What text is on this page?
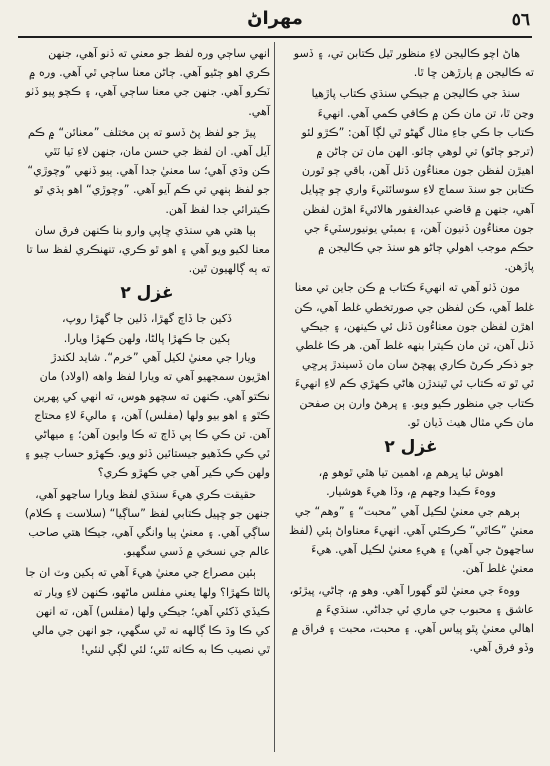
٥٦
مهراڻ

هاڻ اچو ڪاليجن لاءِ منظور ٿيل ڪتابن تي، ۽ ڏسو ته ڪاليجن ۾ ٻارڙهن ڇا ٿا.

سنڌ جي ڪاليجن ۾ جيڪي سنڌي ڪتاب پاڙهيا وڃن ٿا، تن مان ڪن ۾ ڪافي ڪمي آهي. انهيءَ ڪتاب جا ڪي جاءِ مثال گهڻو ٿي لڳا آهن: ”ڪڙو لئو (ترجو ڄاڻو) تي لوهي ڄائو. الهن مان تن ڄاڻن ۾ اهيڙن لفظن جون معناءُون ڏنل آهن، باقي ڄو ٿورن ڪتابن جو سنڌ سماڄ لاءِ سوسائٽيءَ واري ڄو ڇپايل آهي، جنهن ۾ قاضي عبدالغفور هالائيءَ اهڙن لفظن جون معناءُون ڏنيون آهن، ۽ بمبئي يونيورسٽيءَ جي حڪم موجب اهولي ڄاڻو هو سنڌ جي ڪاليجن ۾ پاڙهن.

مون ڏٺو آهي ته انهيءَ ڪتاب ۾ ڪن جاين تي معنا غلط آهي، ڪن لفظن جي صورتخطي غلط آهي، ڪن اهڙن لفظن جون معناءُون ڏنل ئي ڪينهن، ۽ جيڪي ڏنل آهن، تن مان ڪيترا بنهه غلط آهن. هر ڪا غلطي جو ذڪر ڪرڻ ڪاري پهچڻ سان مان ڏسيندڙ پرڇي ئي ٿو ته ڪتاب ئي ٿيندڙن هاڻي ڪهڙي ڪم لاءِ انهيءَ ڪتاب جي منظور ڪيو ويو. ۽ پرهڻ وارن ٻن صفحن مان ڪي مثال هيٺ ڏيان ٿو.

غزل ٢

اهوش ئيا ڀرهم ۾، اهمين تيا هٿي ٿوهو ۾،

ووهءَ ڪيدا وڃهم ۾، وڏا هيءَ هوشيار.

ٻرهم جي معنيٰ لڪيل آهي ”محبت“ ۽ ”وهم“ جي معنيٰ ”ڪاٿي“ ڪرڪٿي آهي. انهيءَ معناواڻ ٻئي (لفظ ساڃهوڻ جي آهي) ۽ هيءِ معنيٰ لڪيل آهي. هيءَ معنيٰ غلط آهن.

ووهءَ جي معنيٰ لٿو گهورا آهي. وهو ۾، ڄاڻي، پيڙئو، عاشق ۽ محبوب جي ماري ئي جداڻي. سنڌيءَ ۾ اهالي معنيٰ پٿو پياس آهي. ۽ محبت، محبت ۽ فراق ۾ وڏو فرق آهي.

انهي ساڄي وره لفظ جو معني ته ڏنو آهي، جنهن ڪري اهو ڄڻيو آهي. ڄاڻن معنا ساڄي ٿي آهي. وره ۾ ٽڪرو آهي. جنهن جي معنا ساڄي آهي، ۽ ڪچو پيو ڏٺو آهي.

پيڙ جو لفظ پڻ ڏسو ته ٻن مختلف ”معنائن“ ۾ ڪم آيل آهي. ان لفظ جي حسن مان، جنهن لاءِ ٽيا ٽٿي ڪن وڌي آهي؛ سا معنيٰ جدا آهي. ٻيو ڏنهي ”وچوڙي“ جو لفظ ٻنهي تي ڪم آيو آهي. ”وچوڙي“ اهو ٻڌي ٿو ڪيترائي جدا لفظ آهن.

ٻيا هتي هي سنڌي ڇاپي وارو بنا ڪنهن فرق سان معنا لکيو ويو آهي ۽ اهو ٿو ڪري، تنهنڪري لفظ سا تا ته ٻه ڳالهيون ٿين.

غزل ٢

ڏکين جا ڏاڄ گهڙا، ڏلين جا گهڙا روپ،

ٻکين جا ڪهڙا پالڻا، ولهن ڪهڙا ويارا.

ويارا جي معنيٰ لکيل آهي ”خرم“. شايد لکندڙ اهڙيون سمجهيو آهي ته ويارا لفظ واهه (اولاد) مان نڪتو آهي. ڪنهن ته سچهو هوس، ته انهي کي پهرين ڪٿو ۽ اهو بيو ولها (مفلس) آهن، ۽ ماليءَ لاءِ محتاج آهن. تن ڪي ڪا ٻي ڏاڄ ته ڪا وايون آهن؛ ۽ ميهاڻي ئي ڪي ڪڏهيو جيستائين ڏٺو ويو. ڪهڙو حساب چيو ۽ ولهن ڪي ڪير آهي جي ڪهڙو ڪري؟

حقيقت ڪري هيءَ سنڌي لفظ ويارا ساڃهو آهي، جنهن جو ڇپيل ڪتابي لفظ ”ساڳيا“ (سلاست ۽ ڪلام) ساڳي آهي. ۽ معنيٰ ٻيا وانگي آهي، جيڪا هتي صاحب عالم جي نسخي ۾ ڏسي سگهبو.

ٻئين مصراع جي معنيٰ هيءَ آهي ته ٻکين وٽ ان جا پالڻا ڪهڙا؟ ولها يعني مفلس ماڻهو، ڪنهن لاءِ ويار ته ڪيڏي ڏکئي آهي؛ جيڪي ولها (مفلس) آهن، ته انهن کي ڪا وڌ ڪا ڳالهه نه ٿي سگهي، جو انهن جي مالي ٿي نصيب ڪا به ڪانه ٿئي؛ لئي لڳي لنئي!
